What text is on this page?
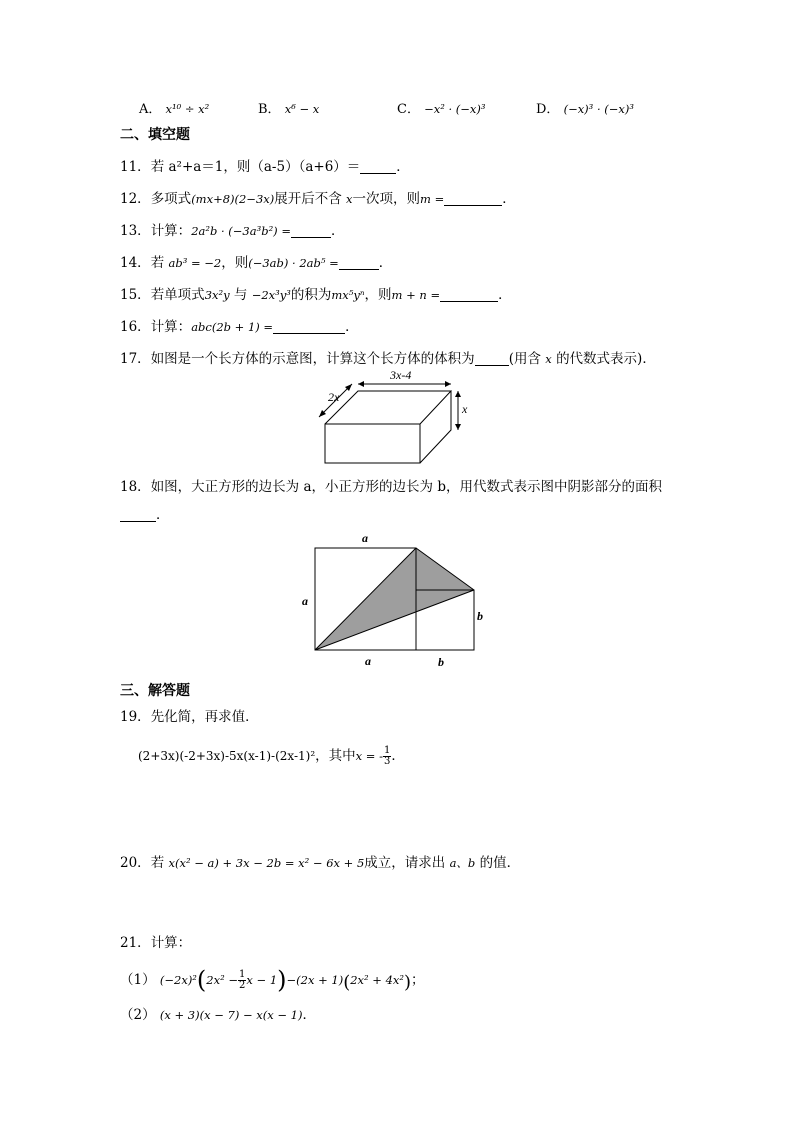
A． x¹⁰ ÷ x²	B． x⁶ − x	C． −x² · (−x)³	D． (−x)³ · (−x)³
二、填空题
11．若 a²+a＝1，则（a-5）（a+6）＝	．
12．多项式(mx+8)(2−3x)展开后不含 x一次项，则m =	．
13．计算：2a²b · (−3a³b²) =	．
14．若 ab³ = −2，则(−3ab) · 2ab⁵ =	．
15．若单项式3x²y 与 −2x³y³的积为mx⁵yⁿ，则m + n =	．
16．计算：abc(2b + 1) =	．
17．如图是一个长方体的示意图，计算这个长方体的体积为	(用含 x 的代数式表示)．
3x-4
2x
x
18．如图，大正方形的边长为 a，小正方形的边长为 b，用代数式表示图中阴影部分的面积
．
a
a
a	b
b
三、解答题
19．先化简，再求值．
(2+3x)(-2+3x)-5x(x-1)-(2x-1)²，其中x = - $\frac{1}{3}$ ．
20．若 x(x² − a) + 3x − 2b = x² − 6x + 5成立，请求出 a、b 的值．
21．计算：
（1） $(-2x)^2(2x^2 - \frac{1}{2}$ x − 1)−(2x + 1)(2x² + 4x²)；
（2） (x + 3)(x − 7) − x(x − 1)．
